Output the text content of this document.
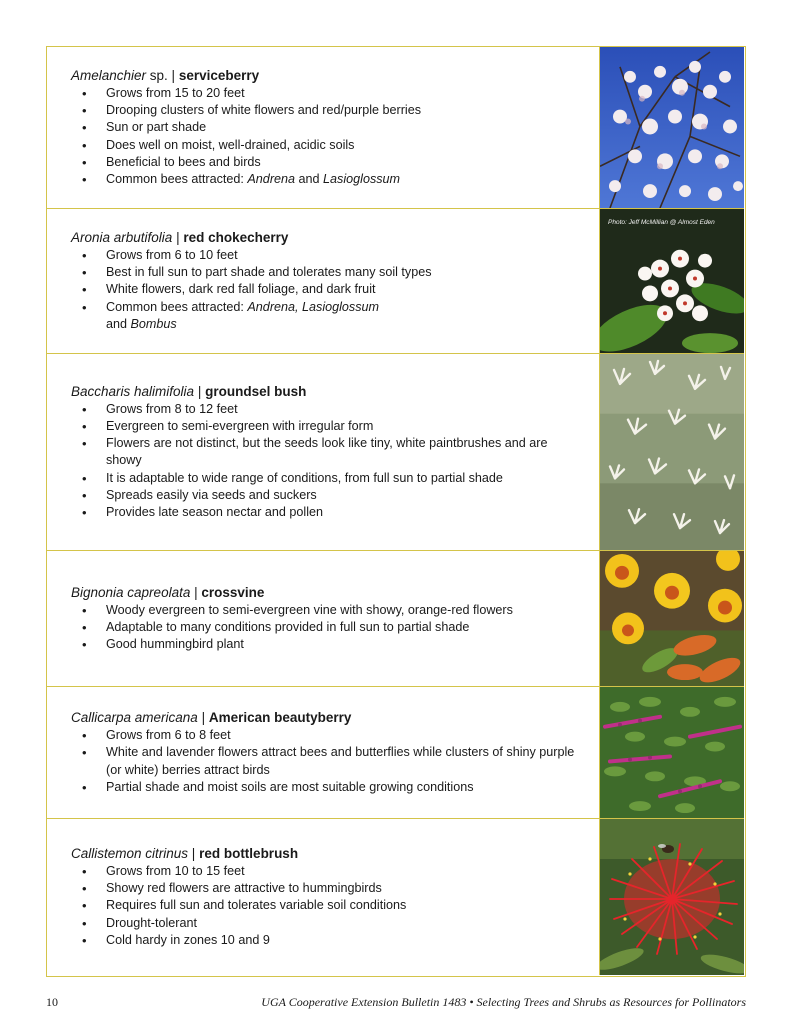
Amelanchier sp. | serviceberry
• Grows from 15 to 20 feet
• Drooping clusters of white flowers and red/purple berries
• Sun or part shade
• Does well on moist, well-drained, acidic soils
• Beneficial to bees and birds
• Common bees attracted: Andrena and Lasioglossum
Aronia arbutifolia | red chokecherry
• Grows from 6 to 10 feet
• Best in full sun to part shade and tolerates many soil types
• White flowers, dark red fall foliage, and dark fruit
• Common bees attracted: Andrena, Lasioglossum
and Bombus
Photo: Jeff McMillian @ Almost Eden
Baccharis halimifolia | groundsel bush
• Grows from 8 to 12 feet
• Evergreen to semi-evergreen with irregular form
• Flowers are not distinct, but the seeds look like tiny, white paintbrushes and are showy
• It is adaptable to wide range of conditions, from full sun to partial shade
• Spreads easily via seeds and suckers
• Provides late season nectar and pollen
Bignonia capreolata | crossvine
• Woody evergreen to semi-evergreen vine with showy, orange-red flowers
• Adaptable to many conditions provided in full sun to partial shade
• Good hummingbird plant
Callicarpa americana | American beautyberry
• Grows from 6 to 8 feet
• White and lavender flowers attract bees and butterflies while clusters of shiny purple (or white) berries attract birds
• Partial shade and moist soils are most suitable growing conditions
Callistemon citrinus | red bottlebrush
• Grows from 10 to 15 feet
• Showy red flowers are attractive to hummingbirds
• Requires full sun and tolerates variable soil conditions
• Drought-tolerant
• Cold hardy in zones 10 and 9
10	UGA Cooperative Extension Bulletin 1483 • Selecting Trees and Shrubs as Resources for Pollinators
